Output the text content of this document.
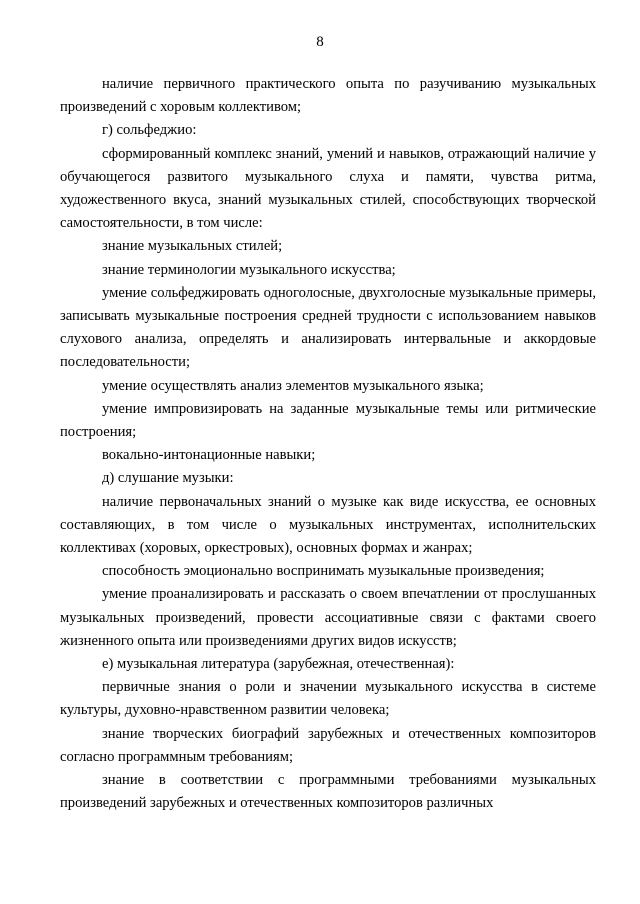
8

наличие первичного практического опыта по разучиванию музыкальных произведений с хоровым коллективом;

г) сольфеджио:

сформированный комплекс знаний, умений и навыков, отражающий наличие у обучающегося развитого музыкального слуха и памяти, чувства ритма, художественного вкуса, знаний музыкальных стилей, способствующих творческой самостоятельности, в том числе:

знание музыкальных стилей;

знание терминологии музыкального искусства;

умение сольфеджировать одноголосные, двухголосные музыкальные примеры, записывать музыкальные построения средней трудности с использованием навыков слухового анализа, определять и анализировать интервальные и аккордовые последовательности;

умение осуществлять анализ элементов музыкального языка;

умение импровизировать на заданные музыкальные темы или ритмические построения;

вокально-интонационные навыки;

д) слушание музыки:

наличие первоначальных знаний о музыке как виде искусства, ее основных составляющих, в том числе о музыкальных инструментах, исполнительских коллективах (хоровых, оркестровых), основных формах и жанрах;

способность эмоционально воспринимать музыкальные произведения;

умение проанализировать и рассказать о своем впечатлении от прослушанных музыкальных произведений, провести ассоциативные связи с фактами своего жизненного опыта или произведениями других видов искусств;

е) музыкальная литература (зарубежная, отечественная):

первичные знания о роли и значении музыкального искусства в системе культуры, духовно-нравственном развитии человека;

знание творческих биографий зарубежных и отечественных композиторов согласно программным требованиям;

знание в соответствии с программными требованиями музыкальных произведений зарубежных и отечественных композиторов различных
